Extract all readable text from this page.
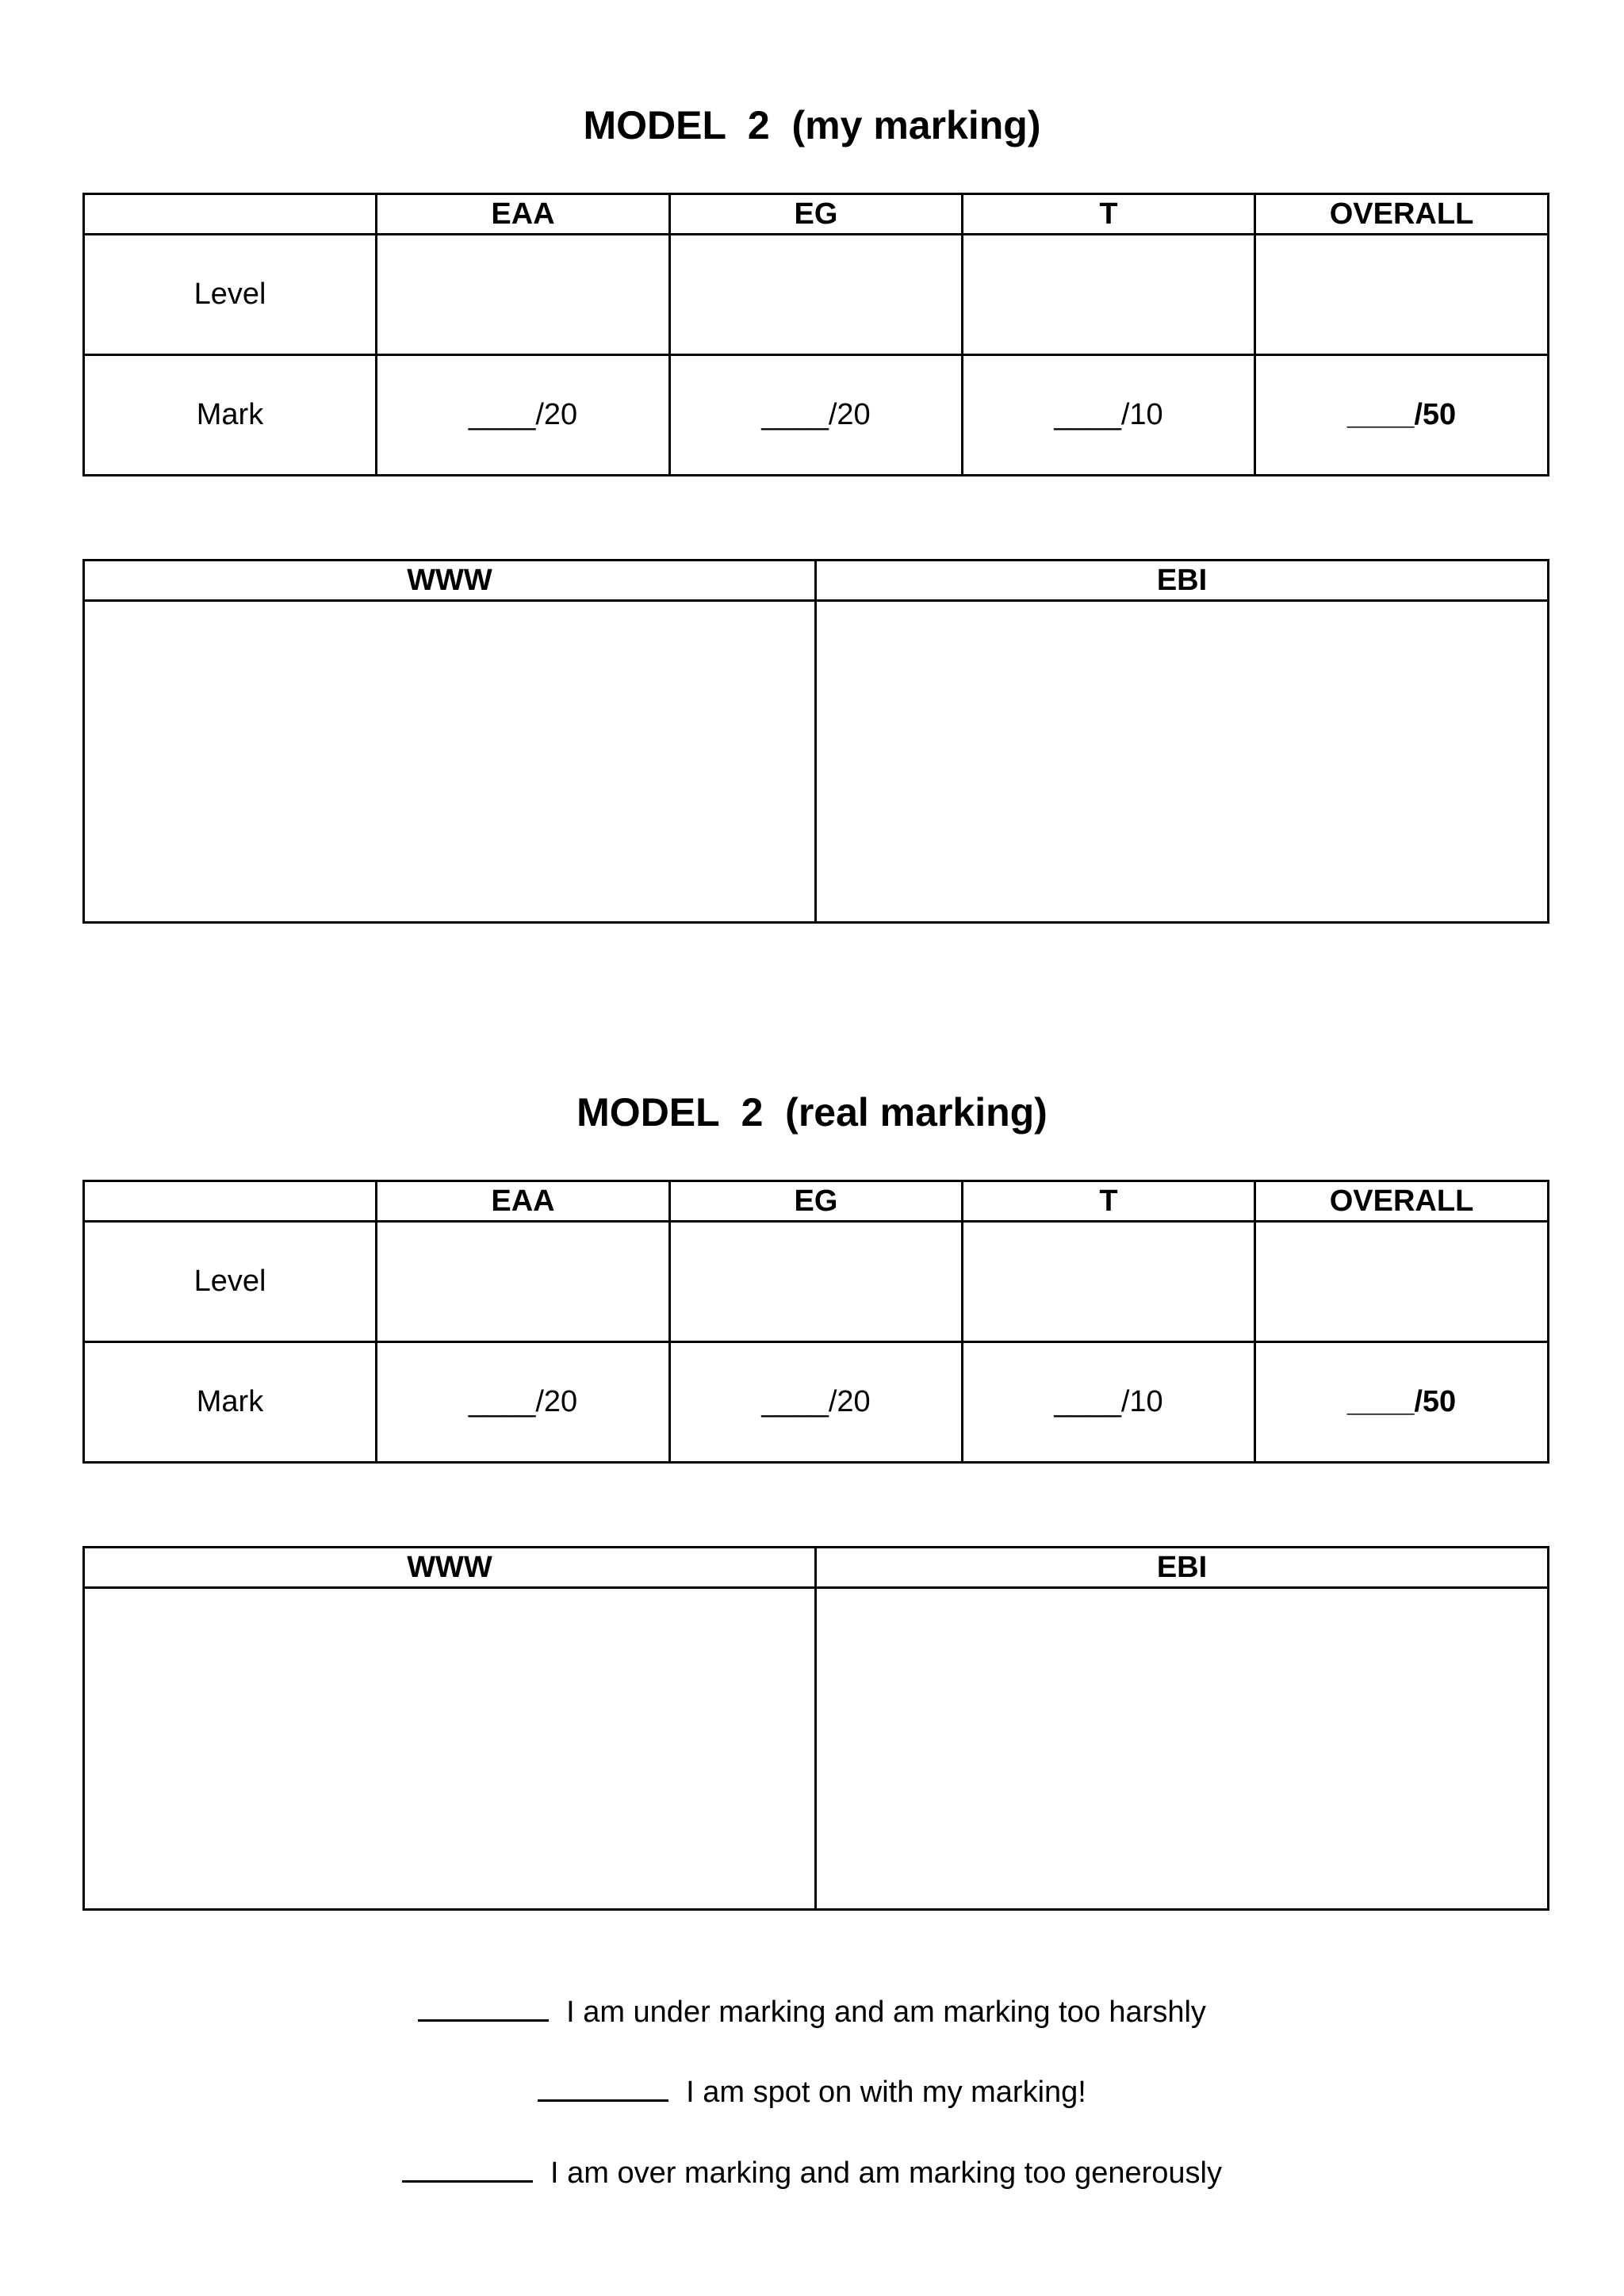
MODEL  2  (my marking)
	EAA	EG	T	OVERALL
Level				
Mark	____/20	____/20	____/10	____/50
WWW	EBI

MODEL  2  (real marking)
	EAA	EG	T	OVERALL
Level				
Mark	____/20	____/20	____/10	____/50
WWW	EBI

I am under marking and am marking too harshly
I am spot on with my marking!
I am over marking and am marking too generously
